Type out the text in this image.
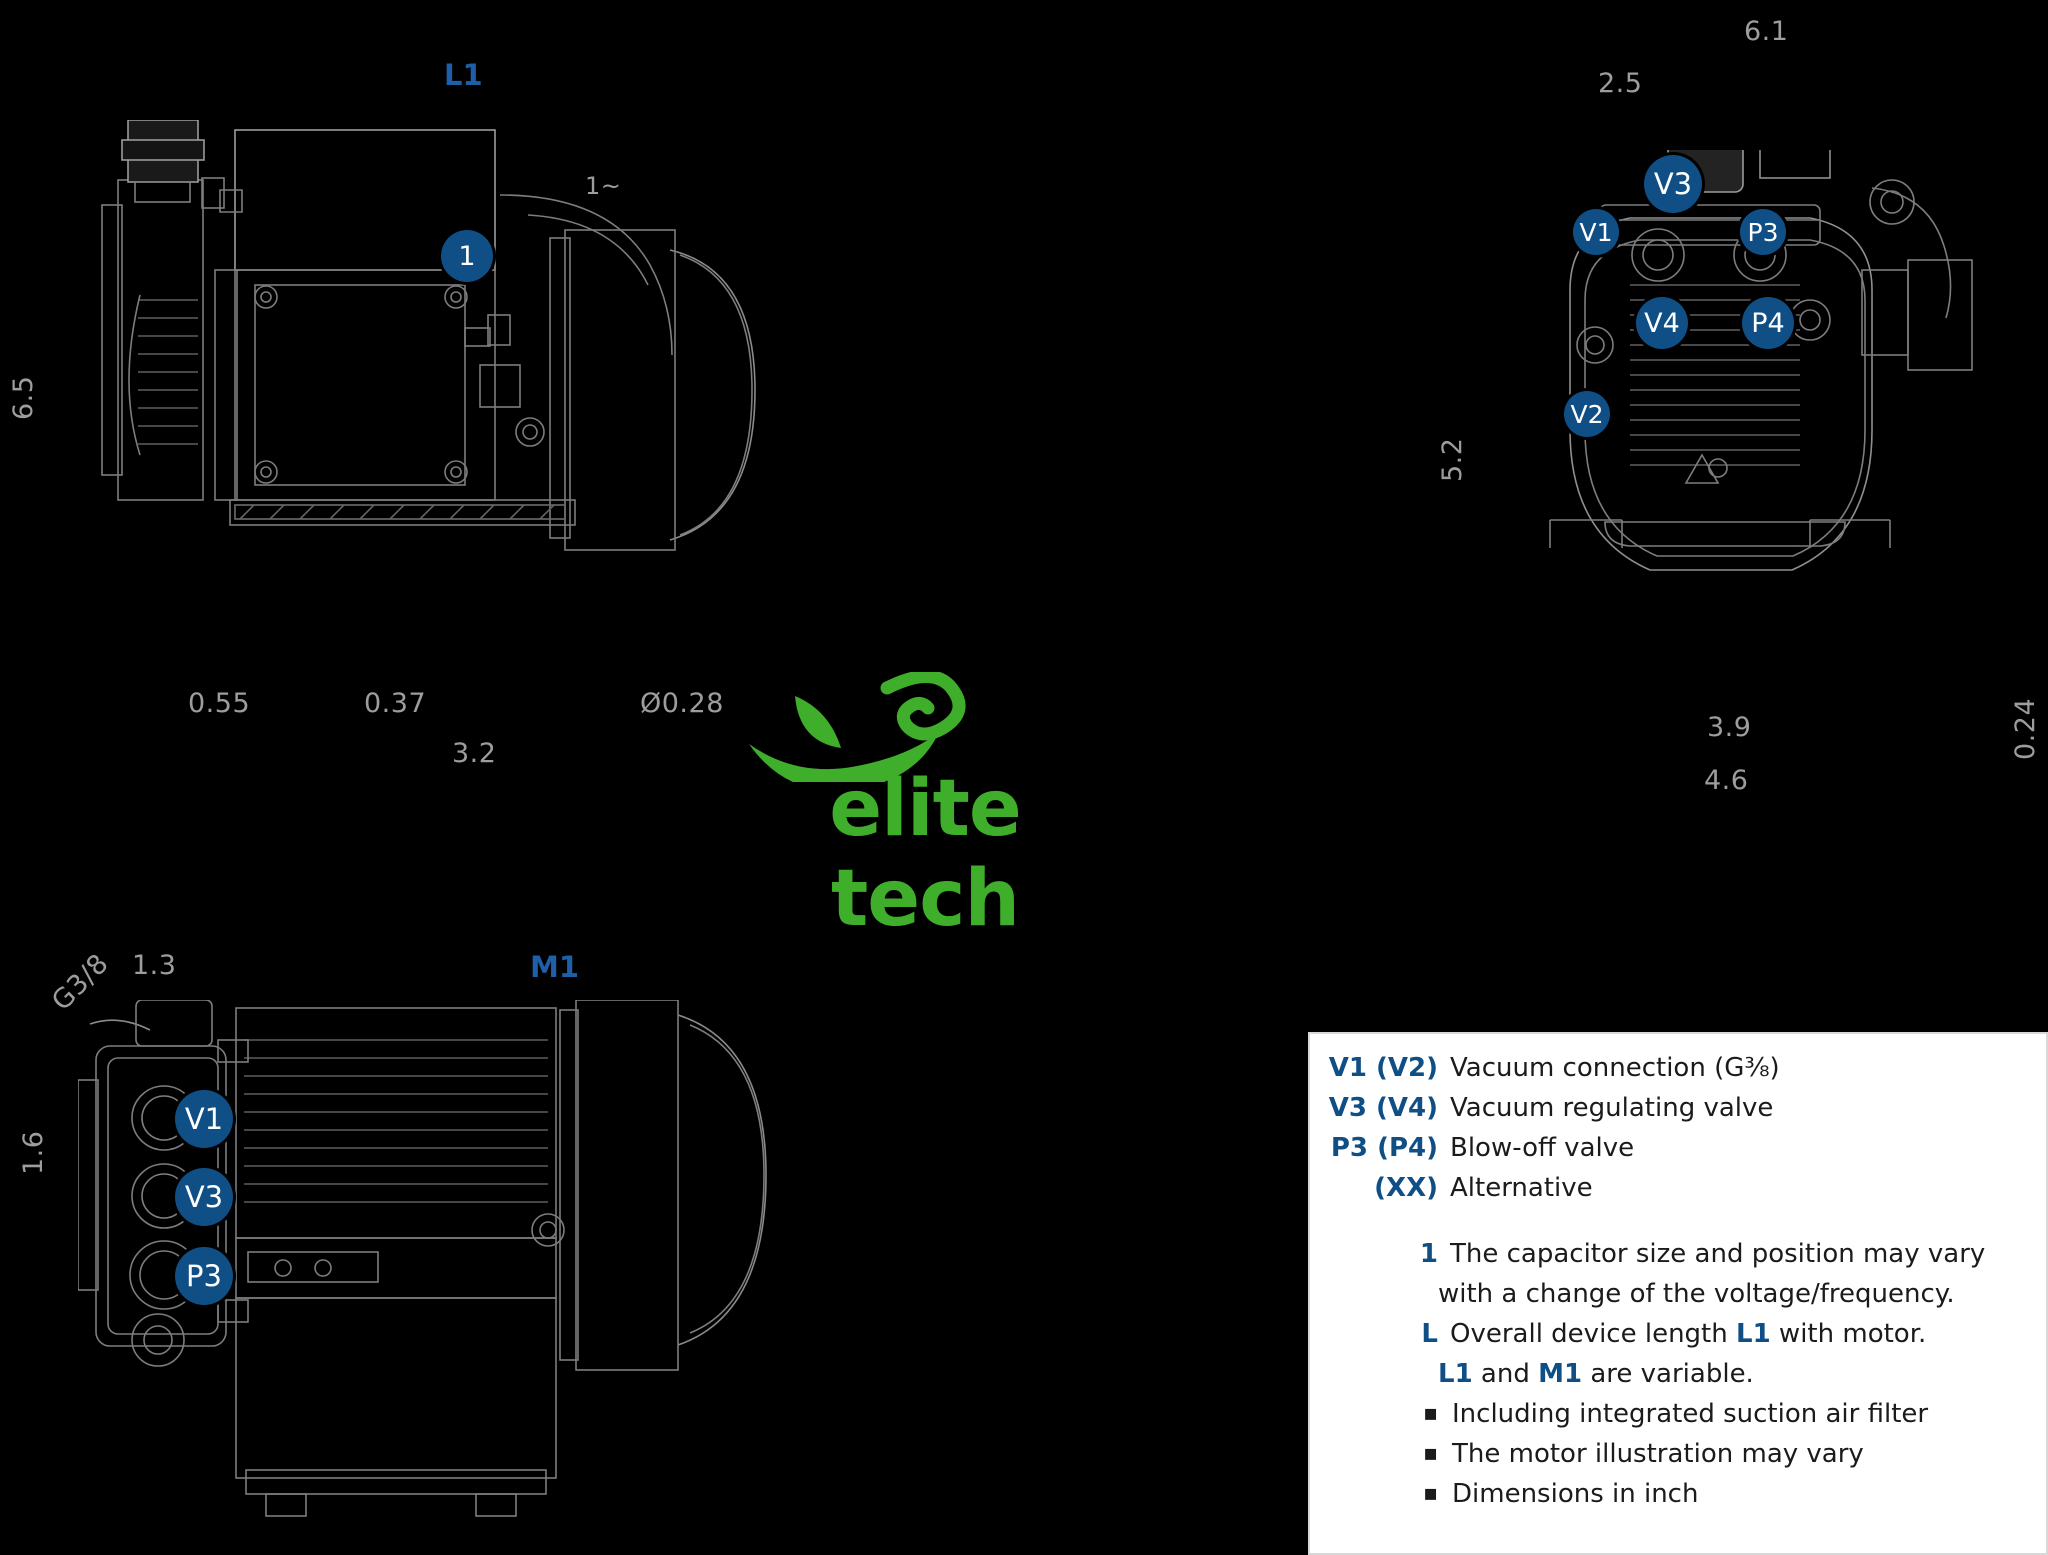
L1
6.5
0.55	0.37	Ø0.28
3.2
1~
1
6.1
2.5
5.2
3.9
4.6
0.24
V1
V3
P3
V4	P4
V2
elite tech
M1
1.3
G3/8
1.6
V1
V3
P3
V1 (V2) Vacuum connection (G⅜)
V3 (V4) Vacuum regulating valve
P3 (P4) Blow-off valve
(XX) Alternative
1 The capacitor size and position may vary
with a change of the voltage/frequency.
L Overall device length L1 with motor.
L1 and M1 are variable.
▪ Including integrated suction air filter
▪ The motor illustration may vary
▪ Dimensions in inch
